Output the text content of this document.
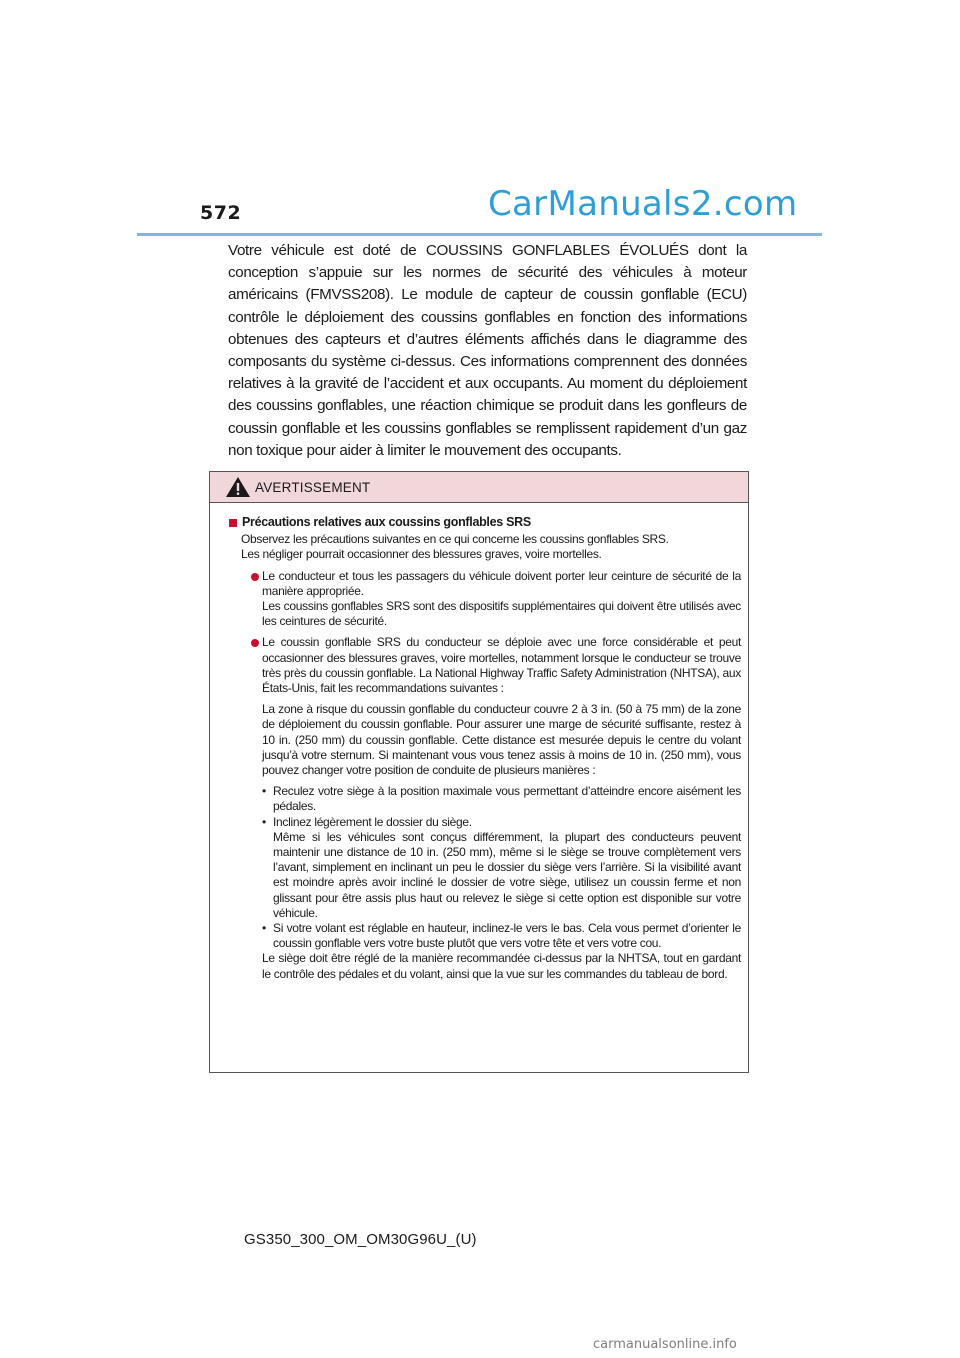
572	CarManuals2.com

Votre véhicule est doté de COUSSINS GONFLABLES ÉVOLUÉS dont la conception s’appuie sur les normes de sécurité des véhicules à moteur américains (FMVSS208). Le module de capteur de coussin gonflable (ECU) contrôle le déploiement des coussins gonflables en fonction des informations obtenues des capteurs et d’autres éléments affichés dans le diagramme des composants du système ci-dessus. Ces informations comprennent des données relatives à la gravité de l’accident et aux occupants. Au moment du déploiement des coussins gonflables, une réaction chimique se produit dans les gonfleurs de coussin gonflable et les coussins gonflables se remplissent rapidement d’un gaz non toxique pour aider à limiter le mouvement des occupants.

AVERTISSEMENT
Précautions relatives aux coussins gonflables SRS

Observez les précautions suivantes en ce qui concerne les coussins gonflables SRS.

Les négliger pourrait occasionner des blessures graves, voire mortelles.

Le conducteur et tous les passagers du véhicule doivent porter leur ceinture de sécurité de la manière appropriée.
Les coussins gonflables SRS sont des dispositifs supplémentaires qui doivent être utilisés avec les ceintures de sécurité.
Le coussin gonflable SRS du conducteur se déploie avec une force considérable et peut occasionner des blessures graves, voire mortelles, notamment lorsque le conducteur se trouve très près du coussin gonflable. La National Highway Traffic Safety Administration (NHTSA), aux États-Unis, fait les recommandations suivantes :

La zone à risque du coussin gonflable du conducteur couvre 2 à 3 in. (50 à 75 mm) de la zone de déploiement du coussin gonflable. Pour assurer une marge de sécurité suffisante, restez à 10 in. (250 mm) du coussin gonflable. Cette distance est mesurée depuis le centre du volant jusqu’à votre sternum. Si maintenant vous vous tenez assis à moins de 10 in. (250 mm), vous pouvez changer votre position de conduite de plusieurs manières :

• Reculez votre siège à la position maximale vous permettant d’atteindre encore aisément les pédales.
• Inclinez légèrement le dossier du siège.
Même si les véhicules sont conçus différemment, la plupart des conducteurs peuvent maintenir une distance de 10 in. (250 mm), même si le siège se trouve complètement vers l’avant, simplement en inclinant un peu le dossier du siège vers l’arrière. Si la visibilité avant est moindre après avoir incliné le dossier de votre siège, utilisez un coussin ferme et non glissant pour être assis plus haut ou relevez le siège si cette option est disponible sur votre véhicule.
• Si votre volant est réglable en hauteur, inclinez-le vers le bas. Cela vous permet d’orienter le coussin gonflable vers votre buste plutôt que vers votre tête et vers votre cou.

Le siège doit être réglé de la manière recommandée ci-dessus par la NHTSA, tout en gardant le contrôle des pédales et du volant, ainsi que la vue sur les commandes du tableau de bord.

GS350_300_OM_OM30G96U_(U)
carmanualsonline.info
